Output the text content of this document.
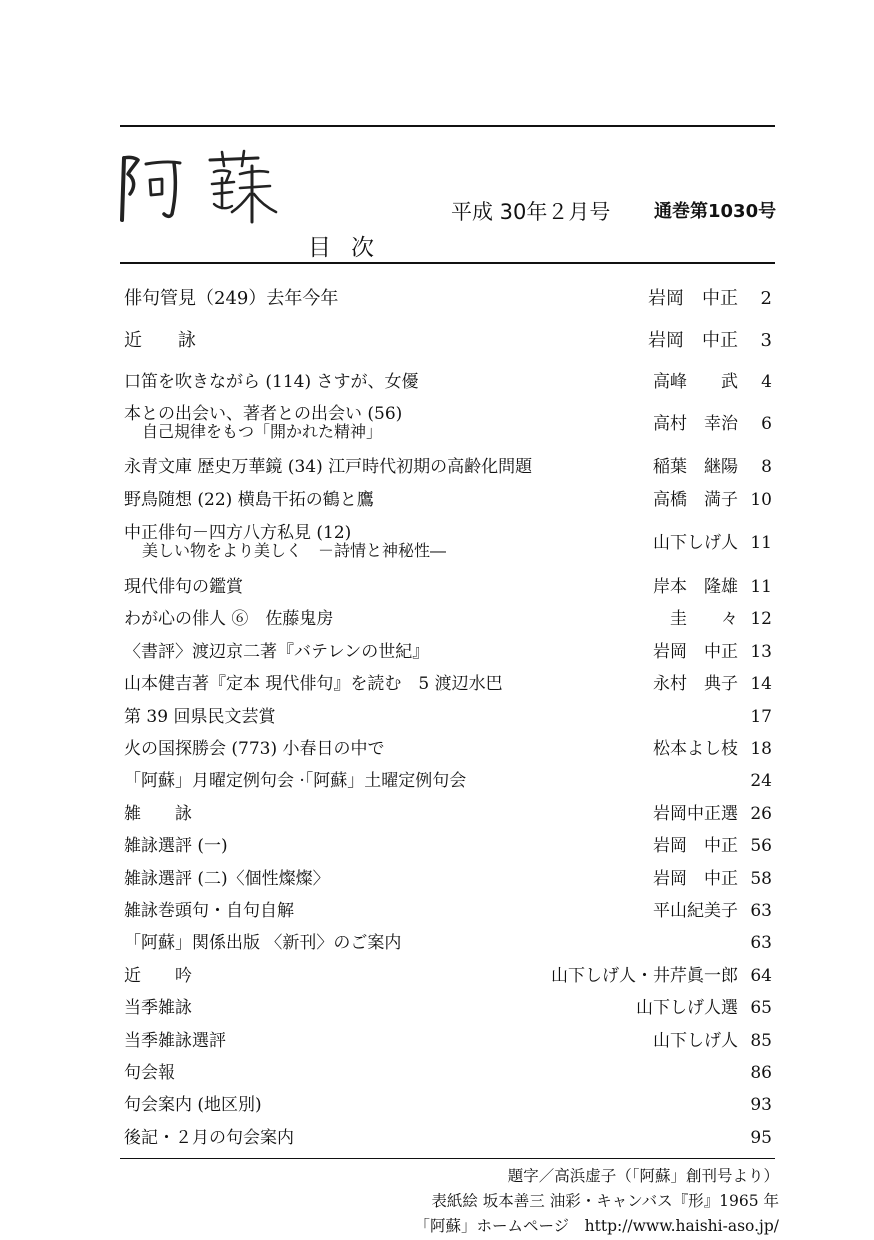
目次
平成 30年２月号 通巻第1030号
俳句管見（249）去年今年	岩岡　中正 2
近　　詠	岩岡　中正 3
口笛を吹きながら (114) さすが、女優	高峰　　武 4
本との出会い、著者との出会い (56)
自己規律をもつ「開かれた精神」	高村　幸治 6
永青文庫 歴史万華鏡 (34) 江戸時代初期の高齢化問題	稲葉　継陽 8
野鳥随想 (22) 横島干拓の鶴と鷹	高橋　満子 10
中正俳句－四方八方私見 (12)
美しい物をより美しく　－詩情と神秘性―	山下しげ人 11
現代俳句の鑑賞	岸本　隆雄 11
わが心の俳人 ⑥　佐藤鬼房	圭　　々 12
〈書評〉渡辺京二著『バテレンの世紀』	岩岡　中正 13
山本健吉著『定本 現代俳句』を読む　5 渡辺水巴	永村　典子 14
第 39 回県民文芸賞	17
火の国探勝会 (773) 小春日の中で	松本よし枝 18
「阿蘇」月曜定例句会 ·「阿蘇」土曜定例句会	24
雑　　詠	岩岡中正選 26
雑詠選評 (一)	岩岡　中正 56
雑詠選評 (二)〈個性燦燦〉	岩岡　中正 58
雑詠巻頭句・自句自解	平山紀美子 63
「阿蘇」関係出版 〈新刊〉のご案内	63
近　　吟	山下しげ人・井芹眞一郎 64
当季雑詠	山下しげ人選 65
当季雑詠選評	山下しげ人 85
句会報	86
句会案内 (地区別)	93
後記・２月の句会案内	95
題字／高浜虚子（「阿蘇」創刊号より）
表紙絵 坂本善三 油彩・キャンバス『形』1965 年
「阿蘇」ホームページ　http://www.haishi-aso.jp/
